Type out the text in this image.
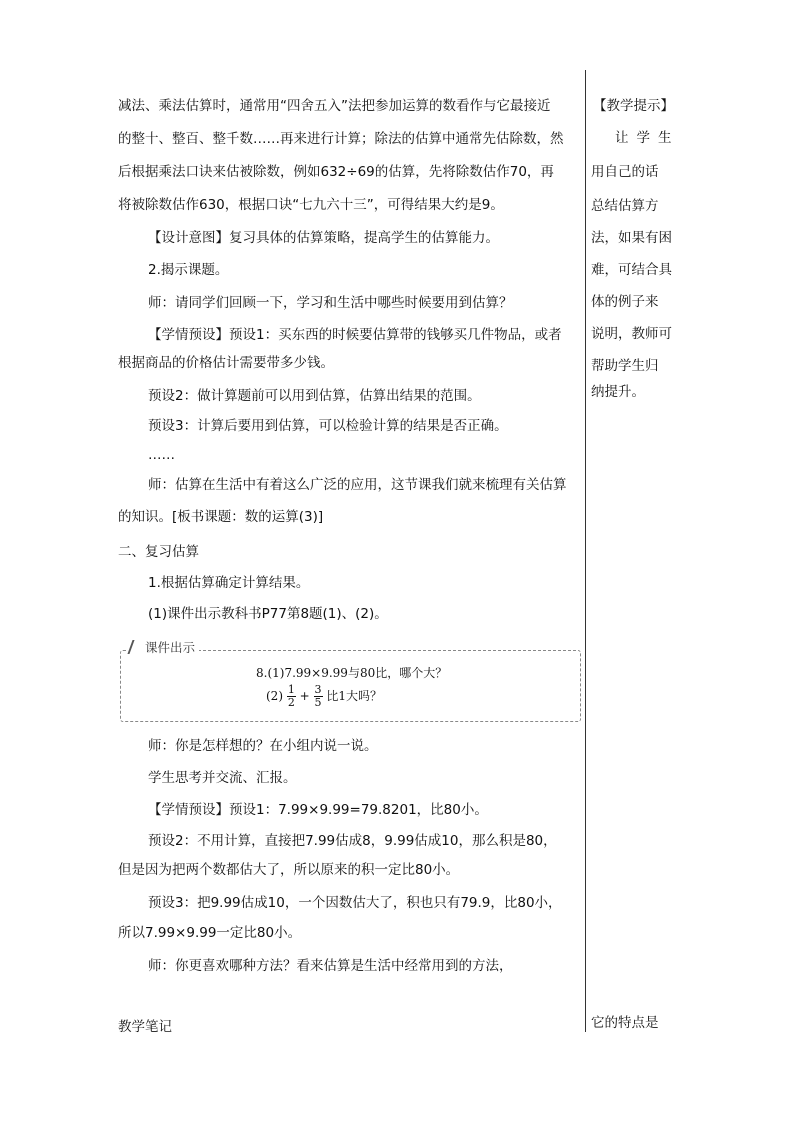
减法、乘法估算时，通常用“四舍五入”法把参加运算的数看作与它最接近
的整十、整百、整千数……再来进行计算；除法的估算中通常先估除数，然
后根据乘法口诀来估被除数，例如632÷69的估算，先将除数估作70，再
将被除数估作630，根据口诀“七九六十三”，可得结果大约是9。
【设计意图】复习具体的估算策略，提高学生的估算能力。
2.揭示课题。
师：请同学们回顾一下，学习和生活中哪些时候要用到估算？
【学情预设】预设1：买东西的时候要估算带的钱够买几件物品，或者
根据商品的价格估计需要带多少钱。
预设2：做计算题前可以用到估算，估算出结果的范围。
预设3：计算后要用到估算，可以检验计算的结果是否正确。
……
师：估算在生活中有着这么广泛的应用，这节课我们就来梳理有关估算
的知识。[板书课题：数的运算(3)]
二、复习估算
1.根据估算确定计算结果。
(1)课件出示教科书P77第8题(1)、(2)。
师：你是怎样想的？在小组内说一说。
学生思考并交流、汇报。
【学情预设】预设1：7.99×9.99=79.8201，比80小。
预设2：不用计算，直接把7.99估成8，9.99估成10，那么积是80，
但是因为把两个数都估大了，所以原来的积一定比80小。
预设3：把9.99估成10，一个因数估大了，积也只有79.9，比80小，
所以7.99×9.99一定比80小。
师：你更喜欢哪种方法？看来估算是生活中经常用到的方法，
课件出示
8.(1)7.99×9.99与80比，哪个大？
$(2) \frac{1}{2} + \frac{3}{5}$ 比1大吗？
【教学提示】
让学生
用自己的话
总结估算方
法，如果有困
难，可结合具
体的例子来
说明，教师可
帮助学生归
纳提升。
教学笔记	它的特点是
